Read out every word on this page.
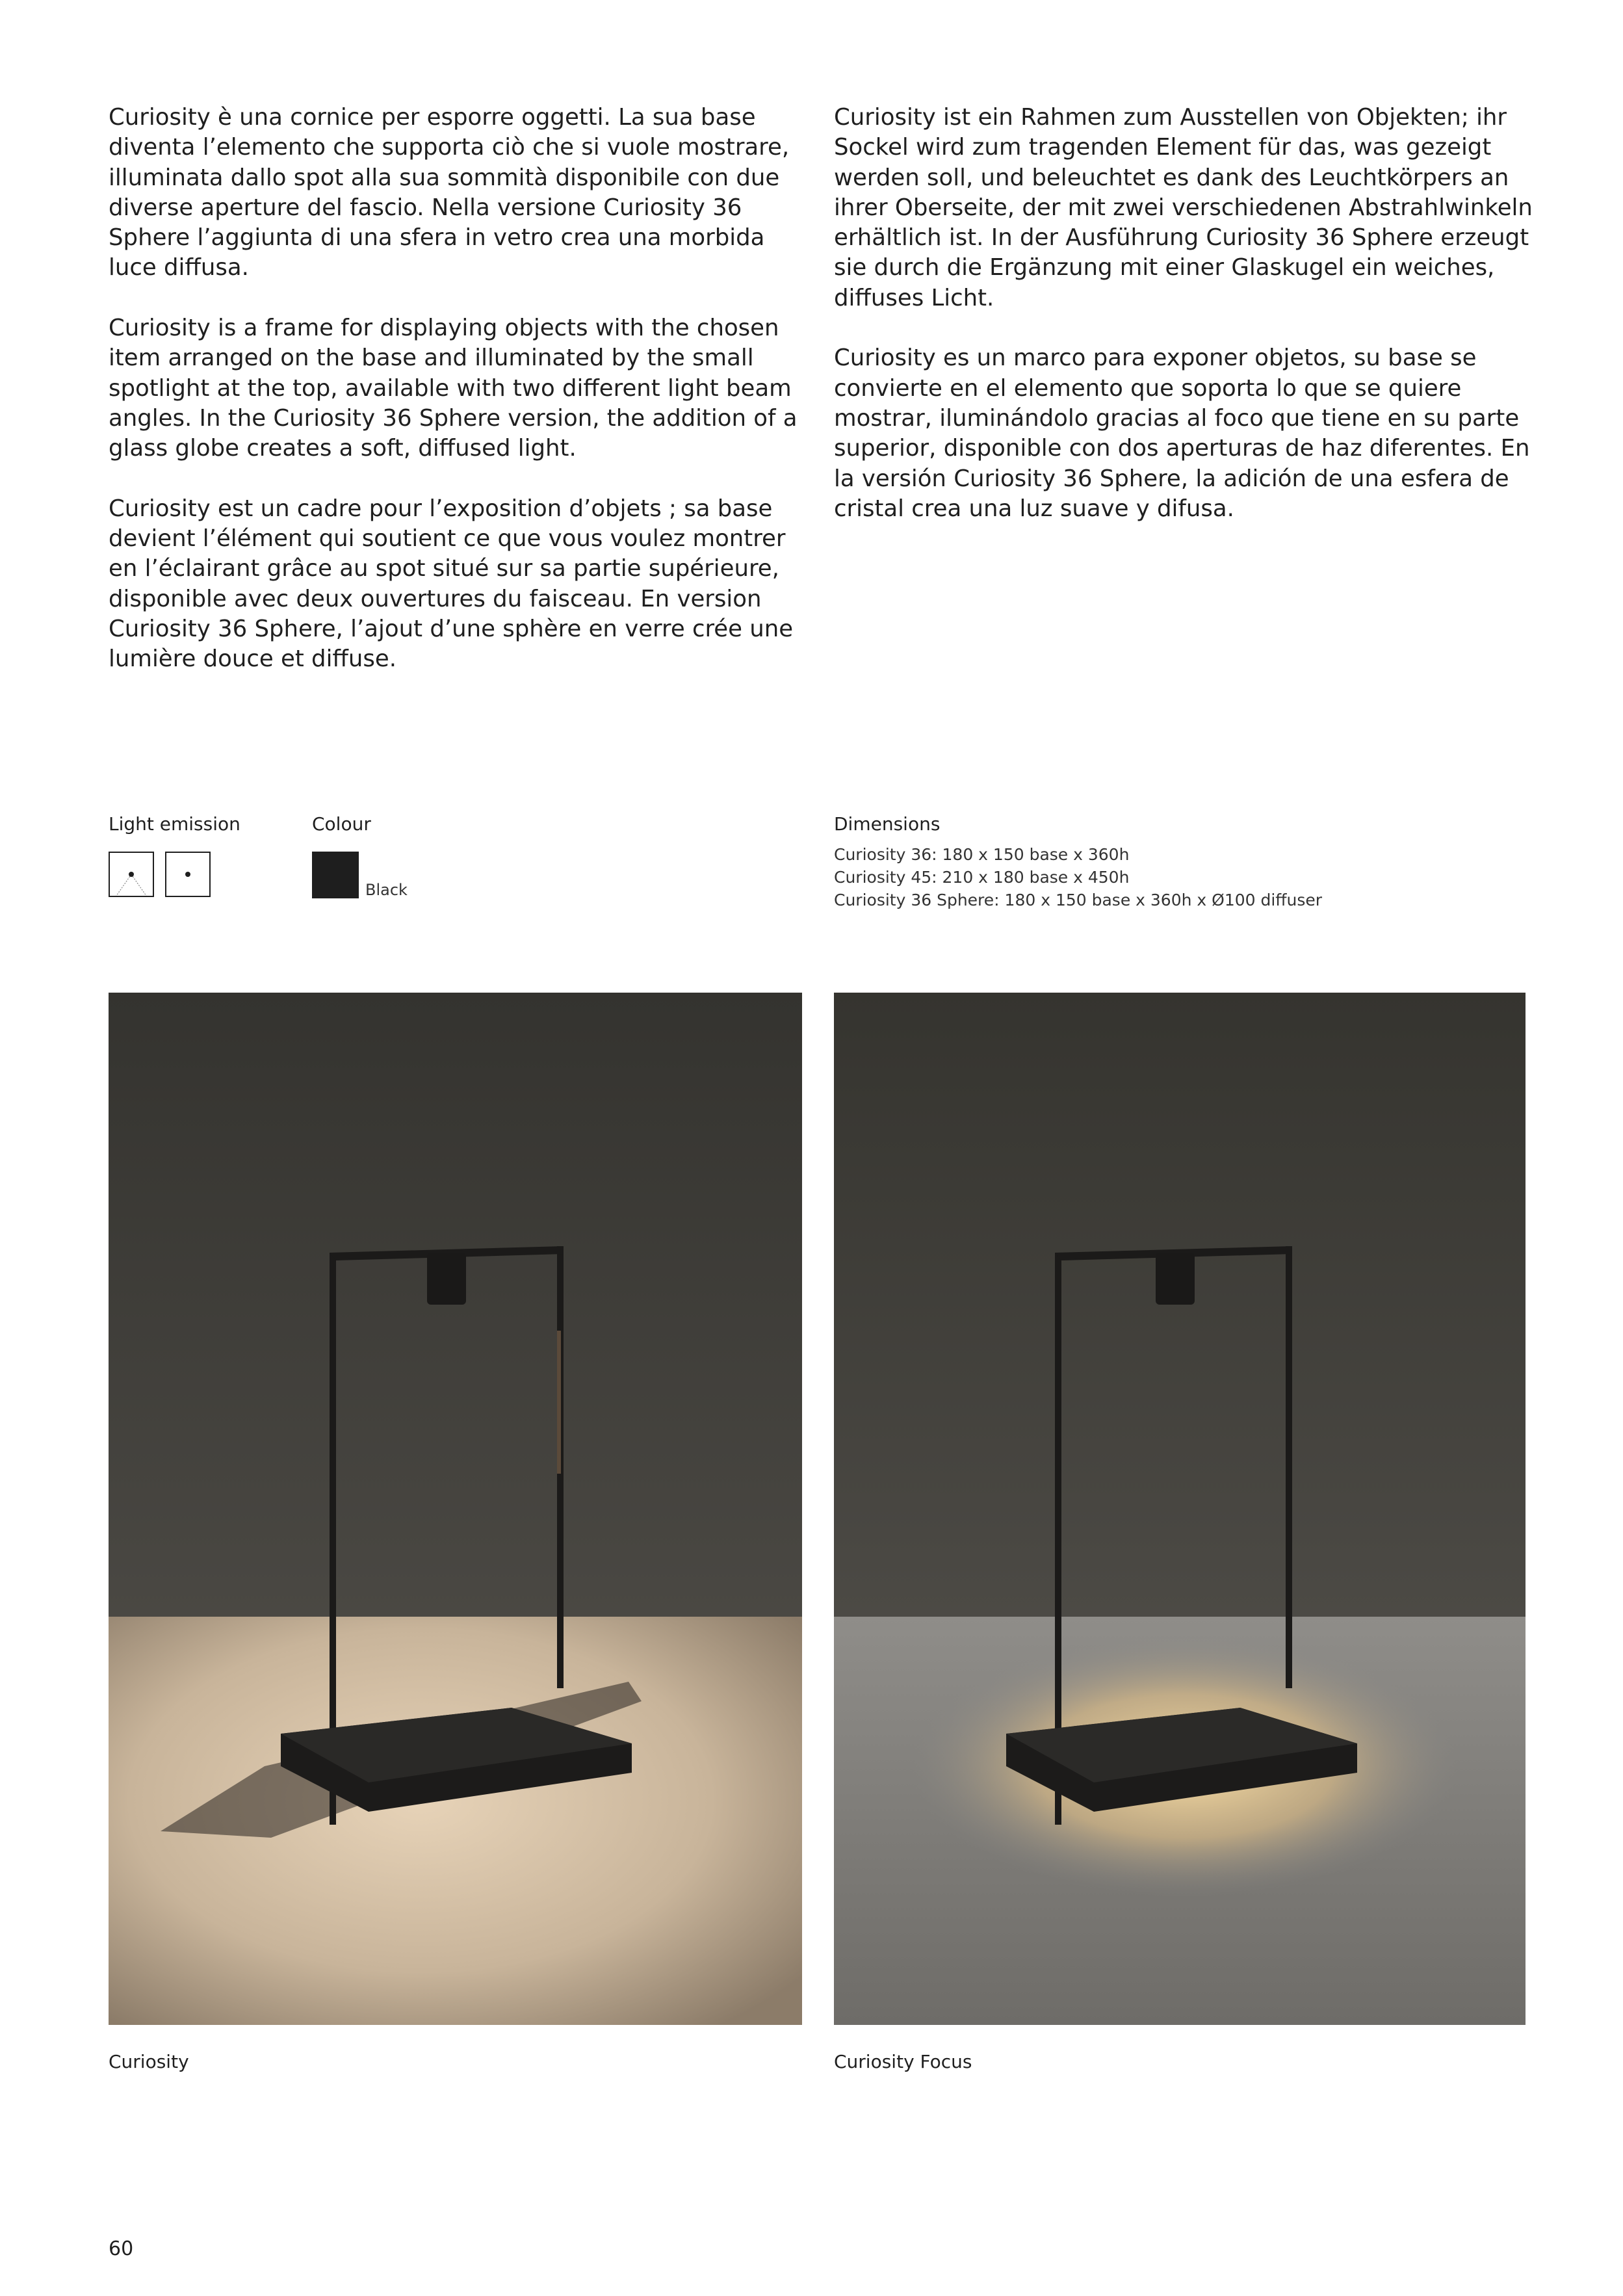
Curiosity è una cornice per esporre oggetti. La sua base diventa l’elemento che supporta ciò che si vuole mostrare, illuminata dallo spot alla sua sommità disponibile con due diverse aperture del fascio. Nella versione Curiosity 36 Sphere l’aggiunta di una sfera in vetro crea una morbida luce diffusa.

Curiosity is a frame for displaying objects with the chosen item arranged on the base and illuminated by the small spotlight at the top, available with two different light beam angles. In the Curiosity 36 Sphere version, the addition of a glass globe creates a soft, diffused light.

Curiosity est un cadre pour l’exposition d’objets ; sa base devient l’élément qui soutient ce que vous voulez montrer en l’éclairant grâce au spot situé sur sa partie supérieure, disponible avec deux ouvertures du faisceau. En version Curiosity 36 Sphere, l’ajout d’une sphère en verre crée une lumière douce et diffuse.

Curiosity ist ein Rahmen zum Ausstellen von Objekten; ihr Sockel wird zum tragenden Element für das, was gezeigt werden soll, und beleuchtet es dank des Leuchtkörpers an ihrer Oberseite, der mit zwei verschiedenen Abstrahlwinkeln erhältlich ist. In der Ausführung Curiosity 36 Sphere erzeugt sie durch die Ergänzung mit einer Glaskugel ein weiches, diffuses Licht.

Curiosity es un marco para exponer objetos, su base se convierte en el elemento que soporta lo que se quiere mostrar, iluminándolo gracias al foco que tiene en su parte superior, disponible con dos aperturas de haz diferentes. En la versión Curiosity 36 Sphere, la adición de una esfera de cristal crea una luz suave y difusa.

Light emission	Colour
Black
Dimensions
Curiosity 36: 180 x 150 base x 360h
Curiosity 45: 210 x 180 base x 450h
Curiosity 36 Sphere: 180 x 150 base x 360h x Ø100 diffuser
Curiosity	Curiosity Focus
60
